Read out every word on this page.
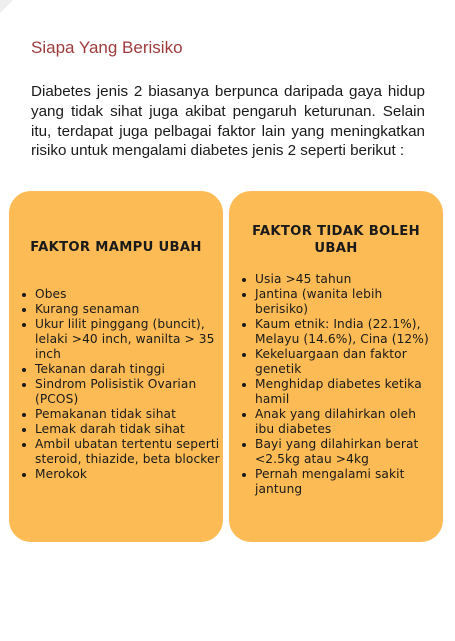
Siapa Yang Berisiko
Diabetes jenis 2 biasanya berpunca daripada gaya hidup yang tidak sihat juga akibat pengaruh keturunan. Selain itu, terdapat juga pelbagai faktor lain yang meningkatkan risiko untuk mengalami diabetes jenis 2 seperti berikut :
FAKTOR MAMPU UBAH
Obes
Kurang senaman
Ukur lilit pinggang (buncit), lelaki >40 inch, wanilta > 35 inch
Tekanan darah tinggi
Sindrom Polisistik Ovarian (PCOS)
Pemakanan tidak sihat
Lemak darah tidak sihat
Ambil ubatan tertentu seperti steroid, thiazide, beta blocker
Merokok
FAKTOR TIDAK BOLEH UBAH
Usia >45 tahun
Jantina (wanita lebih berisiko)
Kaum etnik: India (22.1%), Melayu (14.6%), Cina (12%)
Kekeluargaan dan faktor genetik
Menghidap diabetes ketika hamil
Anak yang dilahirkan oleh ibu diabetes
Bayi yang dilahirkan berat <2.5kg atau >4kg
Pernah mengalami sakit jantung
